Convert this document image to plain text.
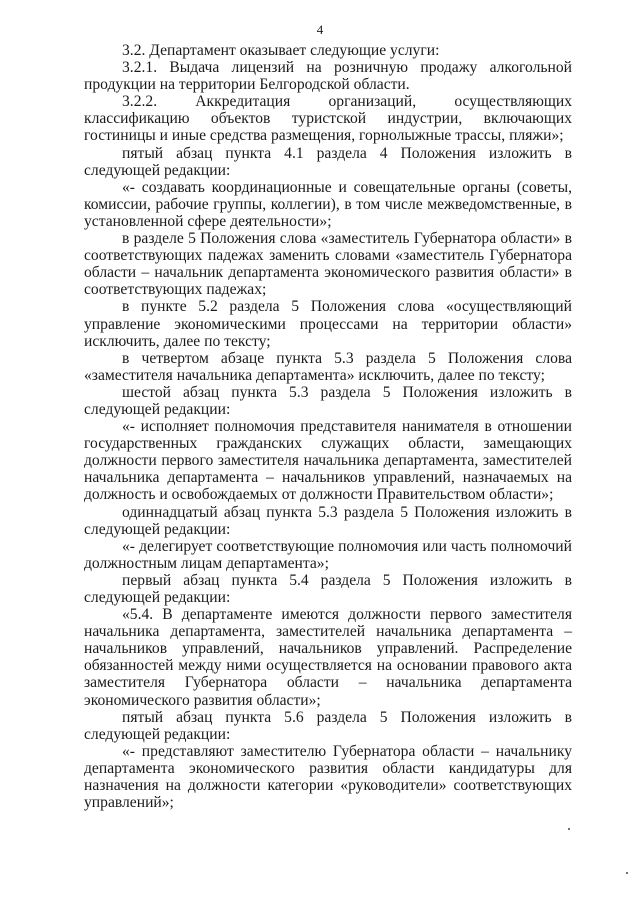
4

3.2. Департамент оказывает следующие услуги:

3.2.1. Выдача лицензий на розничную продажу алкогольной продукции на территории Белгородской области.

3.2.2. Аккредитация организаций, осуществляющих классификацию объектов туристской индустрии, включающих гостиницы и иные средства размещения, горнолыжные трассы, пляжи»;

пятый абзац пункта 4.1 раздела 4 Положения изложить в следующей редакции:

«- создавать координационные и совещательные органы (советы, комиссии, рабочие группы, коллегии), в том числе межведомственные, в установленной сфере деятельности»;

в разделе 5 Положения слова «заместитель Губернатора области» в соответствующих падежах заменить словами «заместитель Губернатора области – начальник департамента экономического развития области» в соответствующих падежах;

в пункте 5.2 раздела 5 Положения слова «осуществляющий управление экономическими процессами на территории области» исключить, далее по тексту;

в четвертом абзаце пункта 5.3 раздела 5 Положения слова «заместителя начальника департамента» исключить, далее по тексту;

шестой абзац пункта 5.3 раздела 5 Положения изложить в следующей редакции:

«- исполняет полномочия представителя нанимателя в отношении государственных гражданских служащих области, замещающих должности первого заместителя начальника департамента, заместителей начальника департамента – начальников управлений, назначаемых на должность и освобождаемых от должности Правительством области»;

одиннадцатый абзац пункта 5.3 раздела 5 Положения изложить в следующей редакции:

«- делегирует соответствующие полномочия или часть полномочий должностным лицам департамента»;

первый абзац пункта 5.4 раздела 5 Положения изложить в следующей редакции:

«5.4. В департаменте имеются должности первого заместителя начальника департамента, заместителей начальника департамента – начальников управлений, начальников управлений. Распределение обязанностей между ними осуществляется на основании правового акта заместителя Губернатора области – начальника департамента экономического развития области»;

пятый абзац пункта 5.6 раздела 5 Положения изложить в следующей редакции:

«- представляют заместителю Губернатора области – начальнику департамента экономического развития области кандидатуры для назначения на должности категории «руководители» соответствующих управлений»;
